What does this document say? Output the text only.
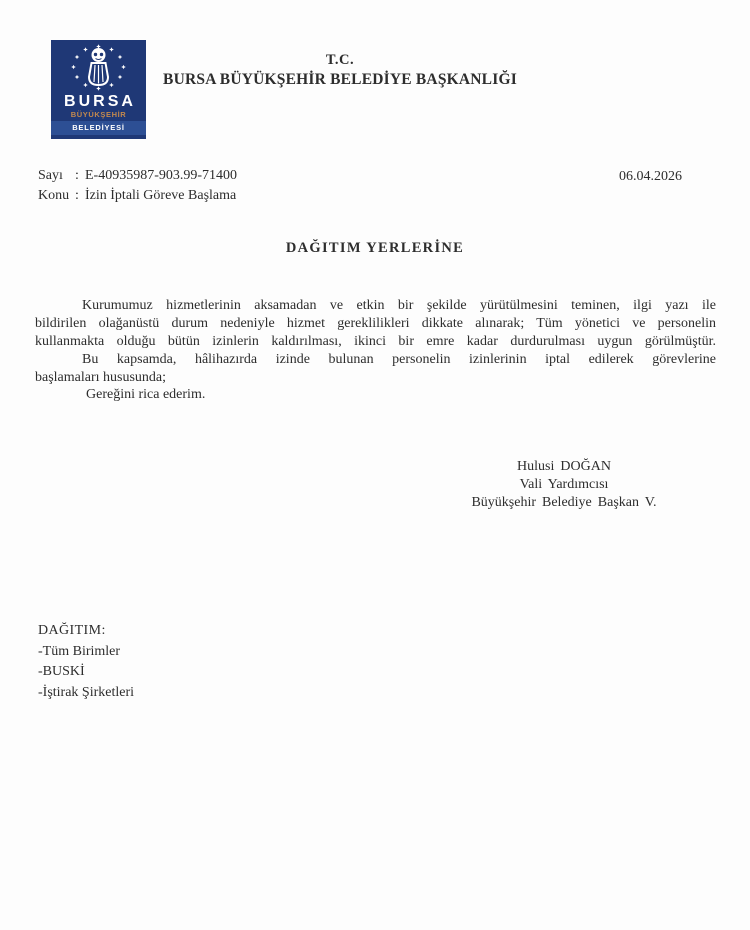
BURSA
BÜYÜKŞEHİR
BELEDİYESİ
T.C.
BURSA BÜYÜKŞEHİR BELEDİYE BAŞKANLIĞI
Sayı : E-40935987-903.99-71400
Konu : İzin İptali Göreve Başlama
06.04.2026
DAĞITIM YERLERİNE
Kurumumuz hizmetlerinin aksamadan ve etkin bir şekilde yürütülmesini teminen, ilgi yazı ile
bildirilen olağanüstü durum nedeniyle hizmet gereklilikleri dikkate alınarak; Tüm yönetici ve personelin
kullanmakta olduğu bütün izinlerin kaldırılması, ikinci bir emre kadar durdurulması uygun görülmüştür.
Bu kapsamda, hâlihazırda izinde bulunan personelin izinlerinin iptal edilerek görevlerine
başlamaları hususunda;
Gereğini rica ederim.
Hulusi DOĞAN
Vali Yardımcısı
Büyükşehir Belediye Başkan V.
DAĞITIM:
-Tüm Birimler
-BUSKİ
-İştirak Şirketleri
